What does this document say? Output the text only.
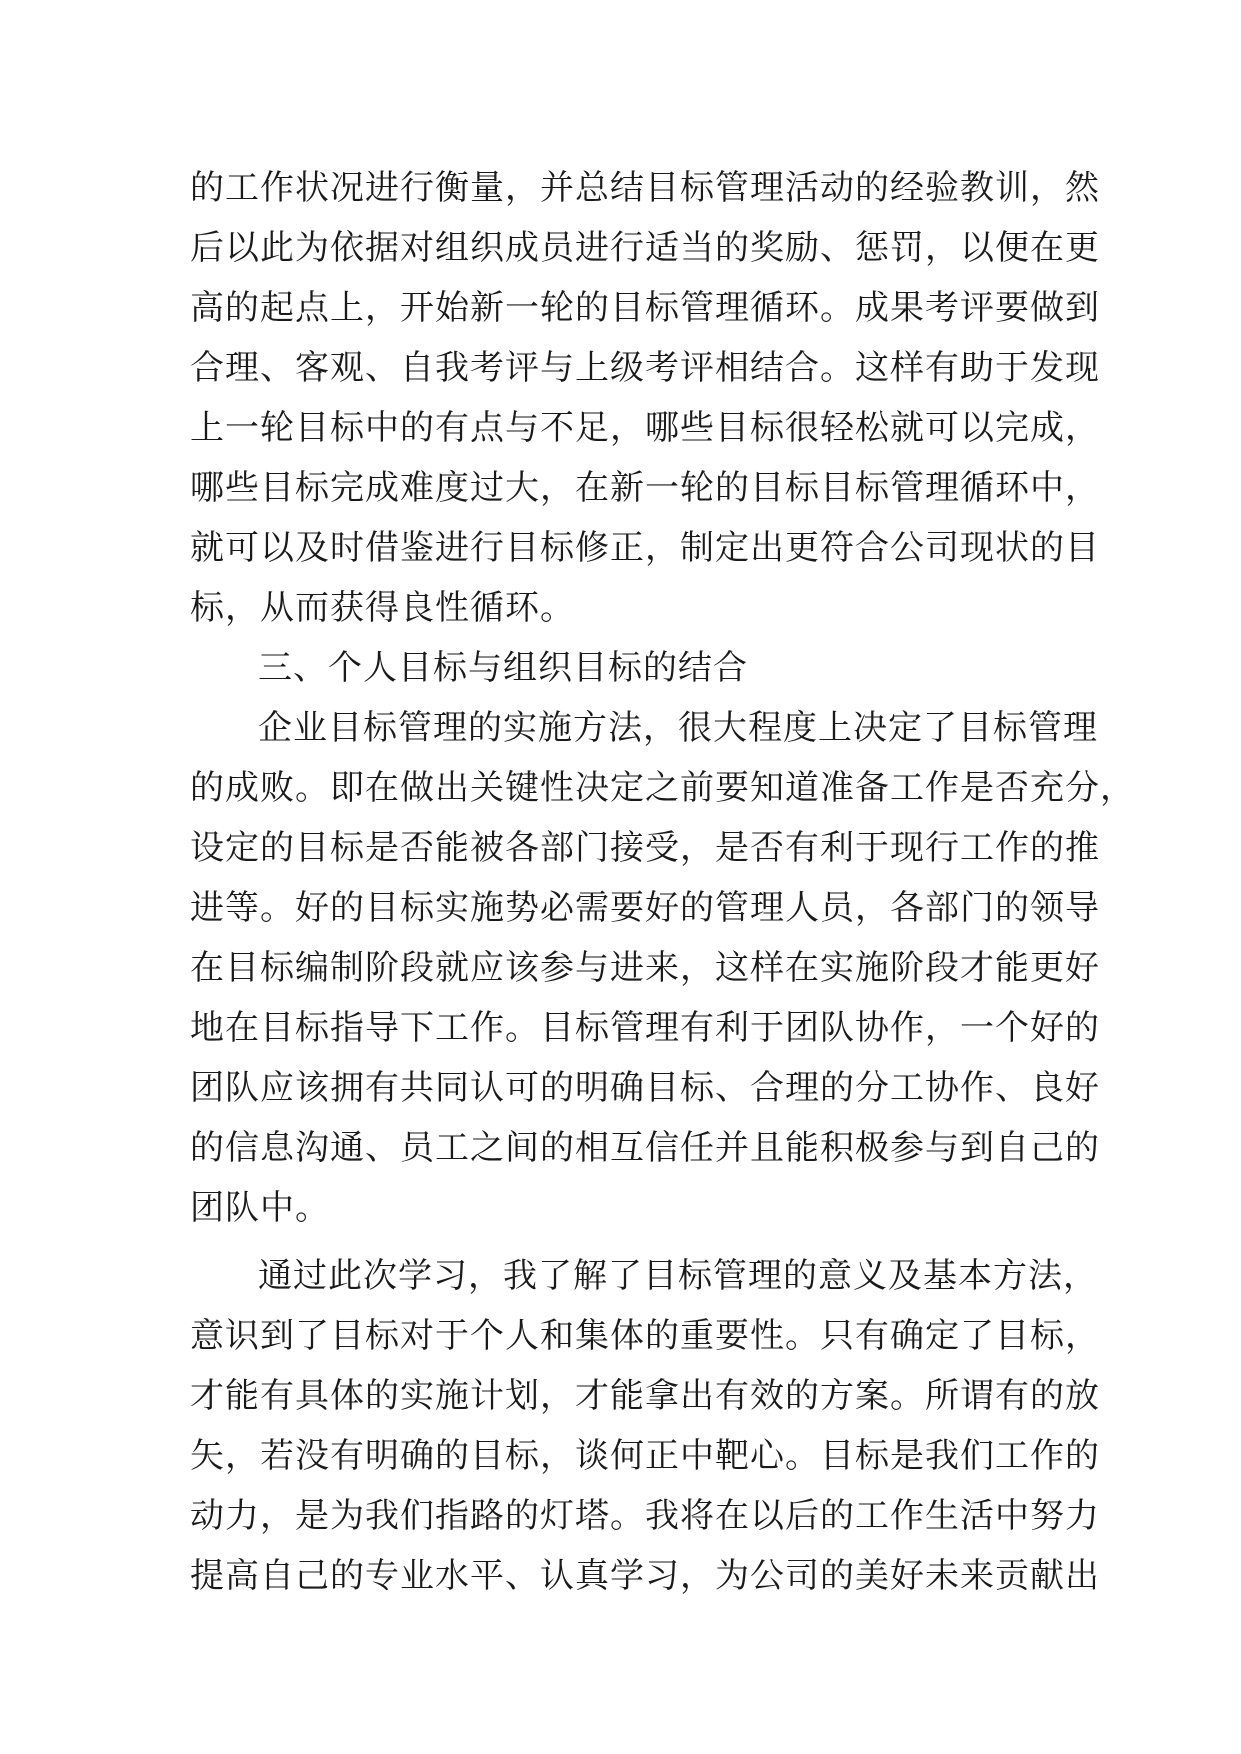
的工作状况进行衡量，并总结目标管理活动的经验教训，然
后以此为依据对组织成员进行适当的奖励、惩罚，以便在更
高的起点上，开始新一轮的目标管理循环。成果考评要做到
合理、客观、自我考评与上级考评相结合。这样有助于发现
上一轮目标中的有点与不足，哪些目标很轻松就可以完成，
哪些目标完成难度过大，在新一轮的目标目标管理循环中，
就可以及时借鉴进行目标修正，制定出更符合公司现状的目
标，从而获得良性循环。
三、个人目标与组织目标的结合
企业目标管理的实施方法，很大程度上决定了目标管理
的成败。即在做出关键性决定之前要知道准备工作是否充分，
设定的目标是否能被各部门接受，是否有利于现行工作的推
进等。好的目标实施势必需要好的管理人员，各部门的领导
在目标编制阶段就应该参与进来，这样在实施阶段才能更好
地在目标指导下工作。目标管理有利于团队协作，一个好的
团队应该拥有共同认可的明确目标、合理的分工协作、良好
的信息沟通、员工之间的相互信任并且能积极参与到自己的
团队中。
通过此次学习，我了解了目标管理的意义及基本方法，
意识到了目标对于个人和集体的重要性。只有确定了目标，
才能有具体的实施计划，才能拿出有效的方案。所谓有的放
矢，若没有明确的目标，谈何正中靶心。目标是我们工作的
动力，是为我们指路的灯塔。我将在以后的工作生活中努力
提高自己的专业水平、认真学习，为公司的美好未来贡献出
